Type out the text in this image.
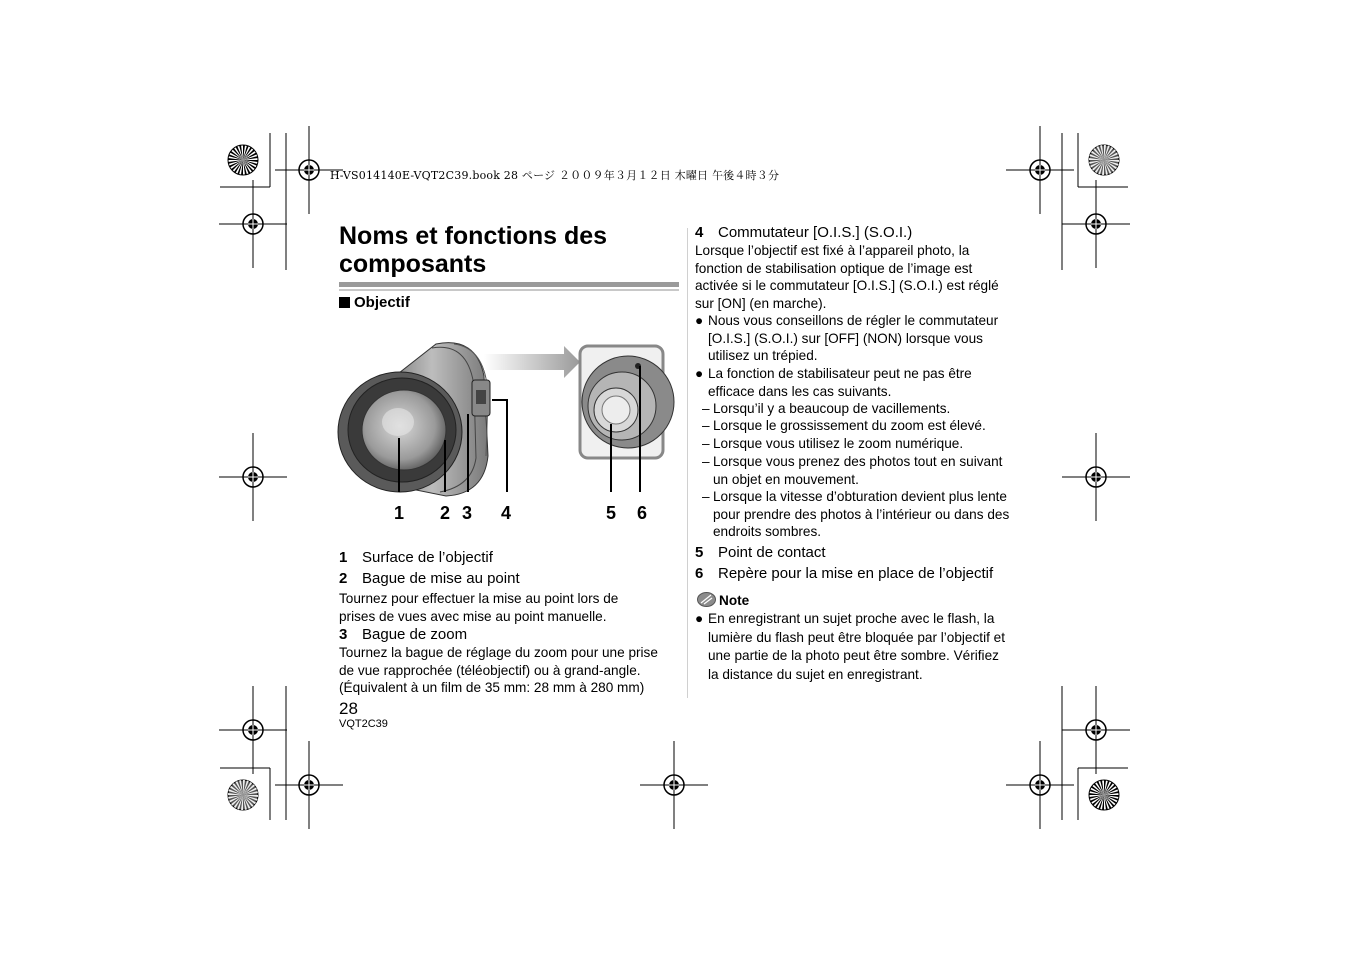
H-VS014140E-VQT2C39.book 28 ページ ２００９年３月１２日 木曜日 午後４時３分
Noms et fonctions des composants
Objectif
1 2 3 4	5 6
1 Surface de l’objectif
2 Bague de mise au point
Tournez pour effectuer la mise au point lors de
prises de vues avec mise au point manuelle.
3 Bague de zoom
Tournez la bague de réglage du zoom pour une prise
de vue rapprochée (téléobjectif) ou à grand-angle.
(Équivalent à un film de 35 mm: 28 mm à 280 mm)
28
VQT2C39
4 Commutateur [O.I.S.] (S.O.I.)
Lorsque l’objectif est fixé à l’appareil photo, la
fonction de stabilisation optique de l’image est
activée si le commutateur [O.I.S.] (S.O.I.) est réglé
sur [ON] (en marche).
● Nous vous conseillons de régler le commutateur
[O.I.S.] (S.O.I.) sur [OFF] (NON) lorsque vous
utilisez un trépied.
● La fonction de stabilisateur peut ne pas être
efficace dans les cas suivants.
– Lorsqu’il y a beaucoup de vacillements.
– Lorsque le grossissement du zoom est élevé.
– Lorsque vous utilisez le zoom numérique.
– Lorsque vous prenez des photos tout en suivant
un objet en mouvement.
– Lorsque la vitesse d’obturation devient plus lente
pour prendre des photos à l’intérieur ou dans des
endroits sombres.
5 Point de contact
6 Repère pour la mise en place de l’objectif
Note
● En enregistrant un sujet proche avec le flash, la
lumière du flash peut être bloquée par l’objectif et
une partie de la photo peut être sombre. Vérifiez
la distance du sujet en enregistrant.
